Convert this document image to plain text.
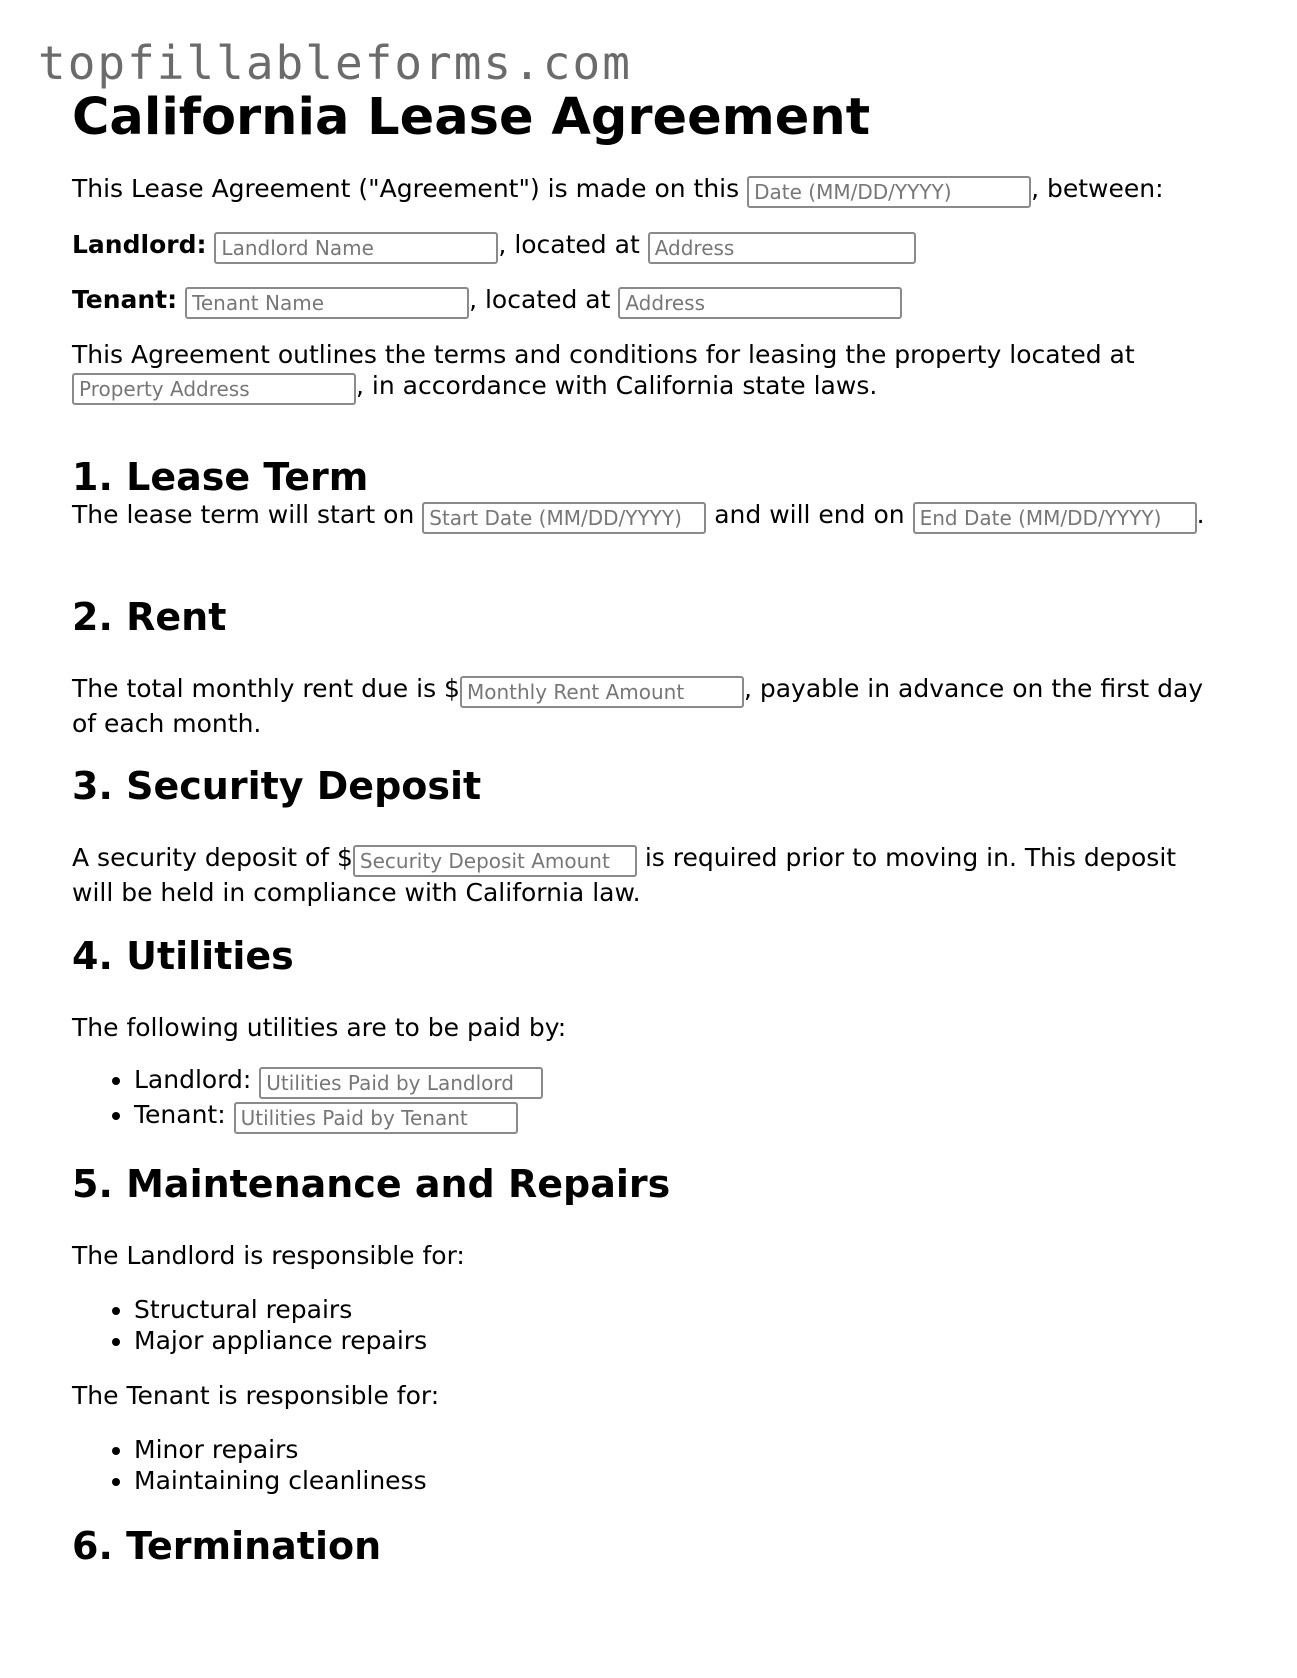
topfillableforms.com
California Lease Agreement

This Lease Agreement ("Agreement") is made on this Date (MM/DD/YYYY)	, between:

Landlord: Landlord Name	, located at Address

Tenant: Tenant Name	, located at Address

This Agreement outlines the terms and conditions for leasing the property located at
Property Address, in accordance with California state laws.

1. Lease Term

The lease term will start on Start Date (MM/DD/YYYY)	and will end on End Date (MM/DD/YYYY)	.

2. Rent

The total monthly rent due is $Monthly Rent Amount	, payable in advance on the first day of each month.

3. Security Deposit

A security deposit of $Security Deposit Amount	is required prior to moving in. This deposit will be held in compliance with California law.

4. Utilities

The following utilities are to be paid by:

• Landlord: Utilities Paid by Landlord
• Tenant: Utilities Paid by Tenant
5. Maintenance and Repairs

The Landlord is responsible for:

• Structural repairs
• Major appliance repairs

The Tenant is responsible for:

• Minor repairs
• Maintaining cleanliness
6. Termination
